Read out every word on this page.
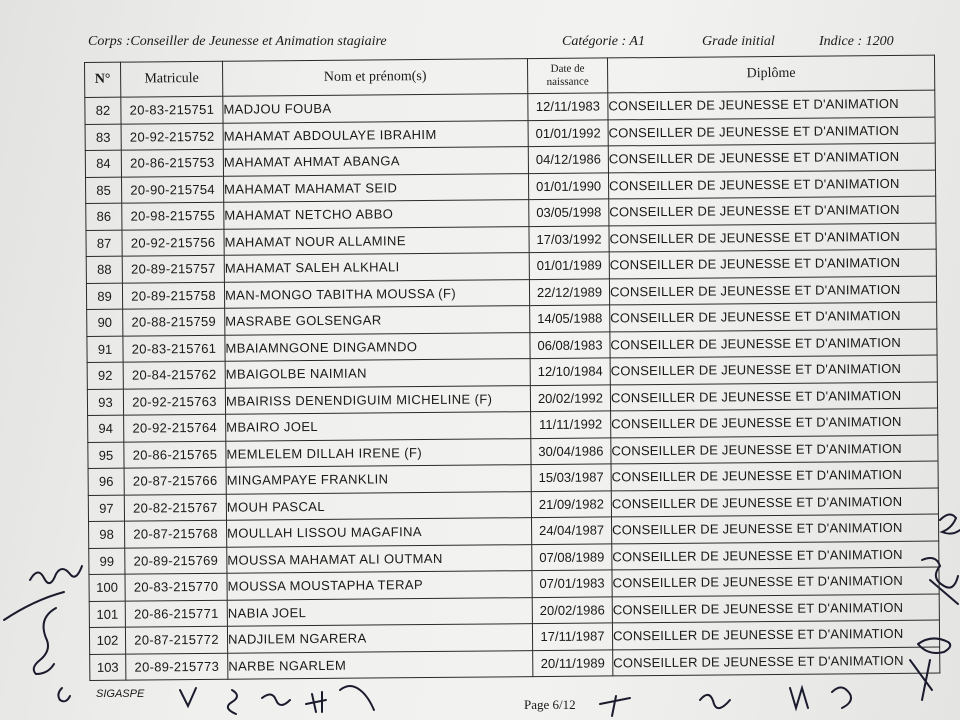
Corps :Conseiller de Jeunesse et Animation stagiaire	Catégorie : A1	Grade initial	Indice : 1200
N°	Matricule	Nom et prénom(s)	Date de
naissance	Diplôme
82	20-83-215751	MADJOU FOUBA	12/11/1983	CONSEILLER DE JEUNESSE ET D'ANIMATION
83	20-92-215752	MAHAMAT ABDOULAYE IBRAHIM	01/01/1992	CONSEILLER DE JEUNESSE ET D'ANIMATION
84	20-86-215753	MAHAMAT AHMAT ABANGA	04/12/1986	CONSEILLER DE JEUNESSE ET D'ANIMATION
85	20-90-215754	MAHAMAT MAHAMAT SEID	01/01/1990	CONSEILLER DE JEUNESSE ET D'ANIMATION
86	20-98-215755	MAHAMAT NETCHO ABBO	03/05/1998	CONSEILLER DE JEUNESSE ET D'ANIMATION
87	20-92-215756	MAHAMAT NOUR ALLAMINE	17/03/1992	CONSEILLER DE JEUNESSE ET D'ANIMATION
88	20-89-215757	MAHAMAT SALEH ALKHALI	01/01/1989	CONSEILLER DE JEUNESSE ET D'ANIMATION
89	20-89-215758	MAN-MONGO TABITHA MOUSSA (F)	22/12/1989	CONSEILLER DE JEUNESSE ET D'ANIMATION
90	20-88-215759	MASRABE GOLSENGAR	14/05/1988	CONSEILLER DE JEUNESSE ET D'ANIMATION
91	20-83-215761	MBAIAMNGONE DINGAMNDO	06/08/1983	CONSEILLER DE JEUNESSE ET D'ANIMATION
92	20-84-215762	MBAIGOLBE NAIMIAN	12/10/1984	CONSEILLER DE JEUNESSE ET D'ANIMATION
93	20-92-215763	MBAIRISS DENENDIGUIM MICHELINE (F)	20/02/1992	CONSEILLER DE JEUNESSE ET D'ANIMATION
94	20-92-215764	MBAIRO JOEL	11/11/1992	CONSEILLER DE JEUNESSE ET D'ANIMATION
95	20-86-215765	MEMLELEM DILLAH IRENE (F)	30/04/1986	CONSEILLER DE JEUNESSE ET D'ANIMATION
96	20-87-215766	MINGAMPAYE FRANKLIN	15/03/1987	CONSEILLER DE JEUNESSE ET D'ANIMATION
97	20-82-215767	MOUH PASCAL	21/09/1982	CONSEILLER DE JEUNESSE ET D'ANIMATION
98	20-87-215768	MOULLAH LISSOU MAGAFINA	24/04/1987	CONSEILLER DE JEUNESSE ET D'ANIMATION
99	20-89-215769	MOUSSA MAHAMAT ALI OUTMAN	07/08/1989	CONSEILLER DE JEUNESSE ET D'ANIMATION
100	20-83-215770	MOUSSA MOUSTAPHA TERAP	07/01/1983	CONSEILLER DE JEUNESSE ET D'ANIMATION
101	20-86-215771	NABIA JOEL	20/02/1986	CONSEILLER DE JEUNESSE ET D'ANIMATION
102	20-87-215772	NADJILEM NGARERA	17/11/1987	CONSEILLER DE JEUNESSE ET D'ANIMATION
103	20-89-215773	NARBE NGARLEM	20/11/1989	CONSEILLER DE JEUNESSE ET D'ANIMATION
SIGASPE
Page 6/12
